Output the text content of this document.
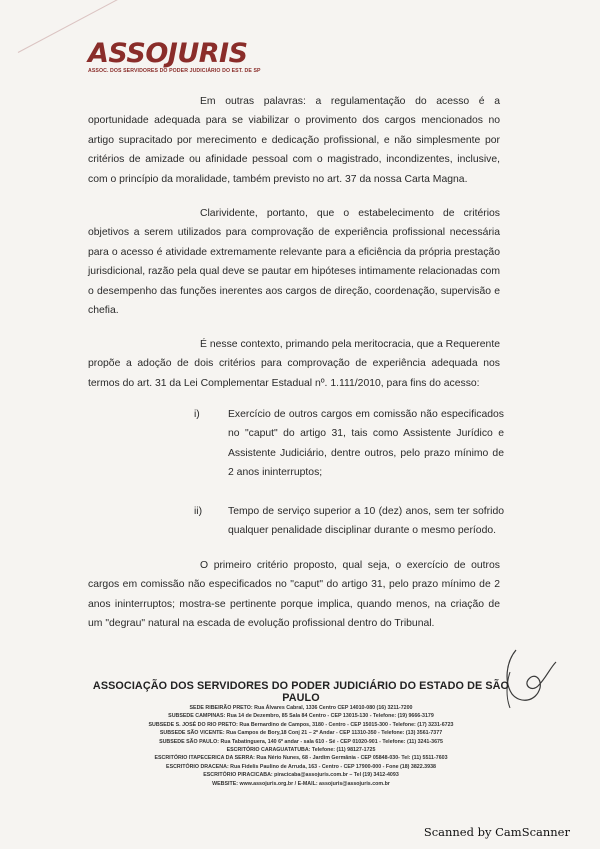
ASSOJURIS
ASSOC. DOS SERVIDORES DO PODER JUDICIÁRIO DO EST. DE SP
Em outras palavras: a regulamentação do acesso é a oportunidade adequada para se viabilizar o provimento dos cargos mencionados no artigo supracitado por merecimento e dedicação profissional, e não simplesmente por critérios de amizade ou afinidade pessoal com o magistrado, incondizentes, inclusive, com o princípio da moralidade, também previsto no art. 37 da nossa Carta Magna.
Clarividente, portanto, que o estabelecimento de critérios objetivos a serem utilizados para comprovação de experiência profissional necessária para o acesso é atividade extremamente relevante para a eficiência da própria prestação jurisdicional, razão pela qual deve se pautar em hipóteses intimamente relacionadas com o desempenho das funções inerentes aos cargos de direção, coordenação, supervisão e chefia.
É nesse contexto, primando pela meritocracia, que a Requerente propõe a adoção de dois critérios para comprovação de experiência adequada nos termos do art. 31 da Lei Complementar Estadual nº. 1.111/2010, para fins do acesso:
i)	Exercício de outros cargos em comissão não especificados no "caput" do artigo 31, tais como Assistente Jurídico e Assistente Judiciário, dentre outros, pelo prazo mínimo de 2 anos ininterruptos;
ii) Tempo de serviço superior a 10 (dez) anos, sem ter sofrido qualquer penalidade disciplinar durante o mesmo período.
O primeiro critério proposto, qual seja, o exercício de outros cargos em comissão não especificados no "caput" do artigo 31, pelo prazo mínimo de 2 anos ininterruptos; mostra-se pertinente porque implica, quando menos, na criação de um "degrau" natural na escada de evolução profissional dentro do Tribunal.
ASSOCIAÇÃO DOS SERVIDORES DO PODER JUDICIÁRIO DO ESTADO DE SÃO PAULO
SEDE RIBEIRÃO PRETO: Rua Álvares Cabral, 1336 Centro CEP 14010-080 (16) 3211-7200
SUBSEDE CAMPINAS: Rua 14 de Dezembro, 85 Sala 84 Centro - CEP 13015-130 - Telefone: (19) 9666-3179
SUBSEDE S. JOSÉ DO RIO PRETO: Rua Bernardino de Campos, 3180 - Centro - CEP 15015-300 - Telefone: (17) 3231-6723
SUBSEDE SÃO VICENTE: Rua Campos de Bory,18 Conj 21 – 2º Andar - CEP 11310-350 - Telefone: (13) 3561-7377
SUBSEDE SÃO PAULO: Rua Tabatinguera, 140 6º andar - sala 610 - Sé - CEP 01020-901 - Telefone: (11) 3241-3675
ESCRITÓRIO CARAGUATATUBA: Telefone: (11) 98127-1725
ESCRITÓRIO ITAPECERICA DA SERRA: Rua Nério Nunes, 68 - Jardim Germânia - CEP 05848-030- Tel: (11) 5511-7603
ESCRITÓRIO DRACENA: Rua Fidelis Paulino de Arruda, 163 - Centro - CEP 17900-000 - Fone (18) 3822.3938
ESCRITÓRIO PIRACICABA: piracicaba@assojuris.com.br – Tel (19) 3412-4093
WEBSITE: www.assojuris.org.br / E-MAIL: assojuris@assojuris.com.br
Scanned by CamScanner
